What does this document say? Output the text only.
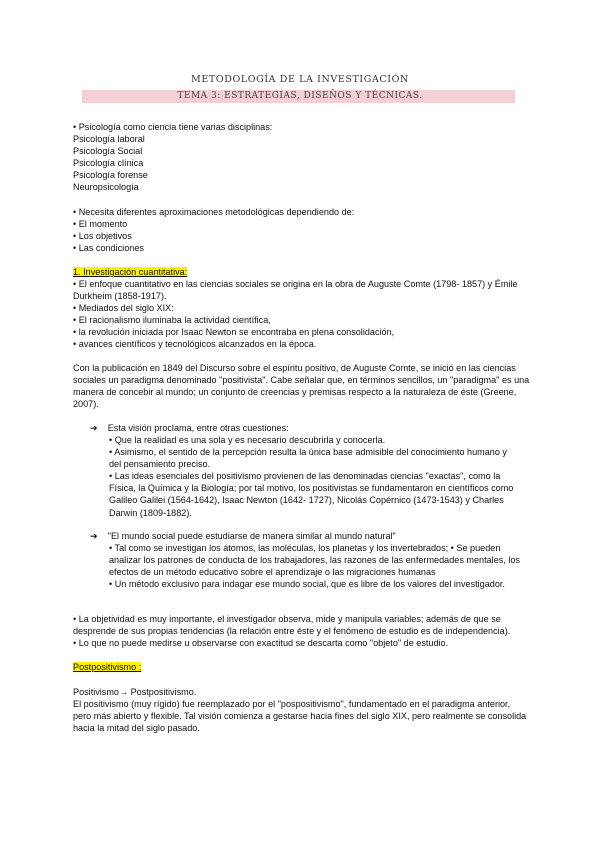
METODOLOGÍA DE LA INVESTIGACIÓN
TEMA 3: ESTRATEGIAS, DISEÑOS Y TÉCNICAS.
• Psicología como ciencia tiene varias disciplinas:
Psicología laboral
Psicología Social
Psicología clínica
Psicología forense
Neuropsicología
• Necesita diferentes aproximaciones metodológicas dependiendo de:
• El momento
• Los objetivos
• Las condiciones
1. Investigación cuantitativa:
• El enfoque cuantitativo en las ciencias sociales se origina en la obra de Auguste Comte (1798- 1857) y Émile
Durkheim (1858-1917).
• Mediados del siglo XIX:
• El racionalismo iluminaba la actividad científica,
• la revolución iniciada por Isaac Newton se encontraba en plena consolidación,
• avances científicos y tecnológicos alcanzados en la época.
Con la publicación en 1849 del Discurso sobre el espíritu positivo, de Auguste Comte, se inició en las ciencias
sociales un paradigma denominado "positivista". Cabe señalar que, en términos sencillos, un "paradigma" es una
manera de concebir al mundo; un conjunto de creencias y premisas respecto a la naturaleza de éste (Greene,
2007).
➔ Esta visión proclama, entre otras cuestiones:
• Que la realidad es una sola y es necesario descubrirla y conocerla.
• Asimismo, el sentido de la percepción resulta la única base admisible del conocimiento humano y
del pensamiento preciso.
• Las ideas esenciales del positivismo provienen de las denominadas ciencias "exactas", como la
Física, la Química y la Biología; por tal motivo, los positivistas se fundamentaron en científicos como
Galileo Galilei (1564-1642), Isaac Newton (1642- 1727), Nicolás Copérnico (1473-1543) y Charles
Darwin (1809-1882).
➔ "El mundo social puede estudiarse de manera similar al mundo natural"
• Tal como se investigan los átomos, las moléculas, los planetas y los invertebrados; • Se pueden
analizar los patrones de conducta de los trabajadores, las razones de las enfermedades mentales, los
efectos de un método educativo sobre el aprendizaje o las migraciones humanas
• Un método exclusivo para indagar ese mundo social, que es libre de los valores del investigador.
• La objetividad es muy importante, el investigador observa, mide y manipula variables; además de que se
desprende de sus propias tendencias (la relación entre éste y el fenómeno de estudio es de independencia).
• Lo que no puede medirse u observarse con exactitud se descarta como "objeto" de estudio.
Postpositivismo :
Positivismo→ Postpositivismo.
El positivismo (muy rígido) fue reemplazado por el "pospositivismo", fundamentado en el paradigma anterior,
pero más abierto y flexible. Tal visión comienza a gestarse hacia fines del siglo XIX, pero realmente se consolida
hacia la mitad del siglo pasado.
